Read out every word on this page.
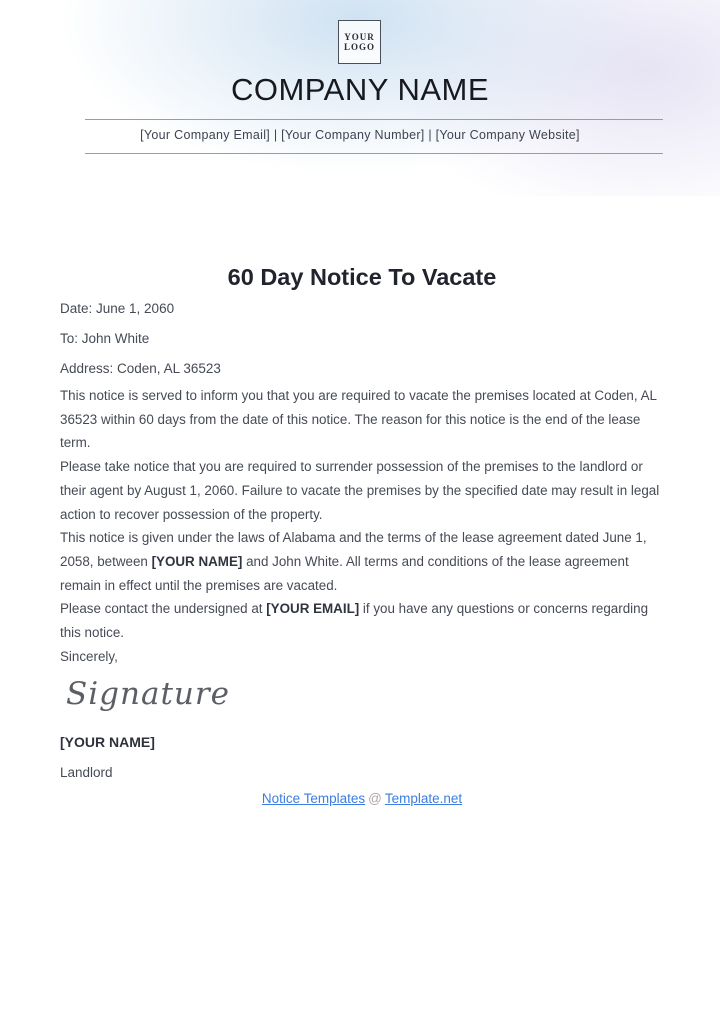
YOUR
LOGO
COMPANY NAME
[Your Company Email] | [Your Company Number] | [Your Company Website]
60 Day Notice To Vacate

Date: June 1, 2060

To: John White

Address: Coden, AL 36523

This notice is served to inform you that you are required to vacate the premises located at Coden, AL 36523 within 60 days from the date of this notice. The reason for this notice is the end of the lease term.

Please take notice that you are required to surrender possession of the premises to the landlord or their agent by August 1, 2060. Failure to vacate the premises by the specified date may result in legal action to recover possession of the property.

This notice is given under the laws of Alabama and the terms of the lease agreement dated June 1, 2058, between [YOUR NAME] and John White. All terms and conditions of the lease agreement remain in effect until the premises are vacated.

Please contact the undersigned at [YOUR EMAIL] if you have any questions or concerns regarding this notice.

Sincerely,

Signature

[YOUR NAME]

Landlord

Notice Templates @ Template.net
